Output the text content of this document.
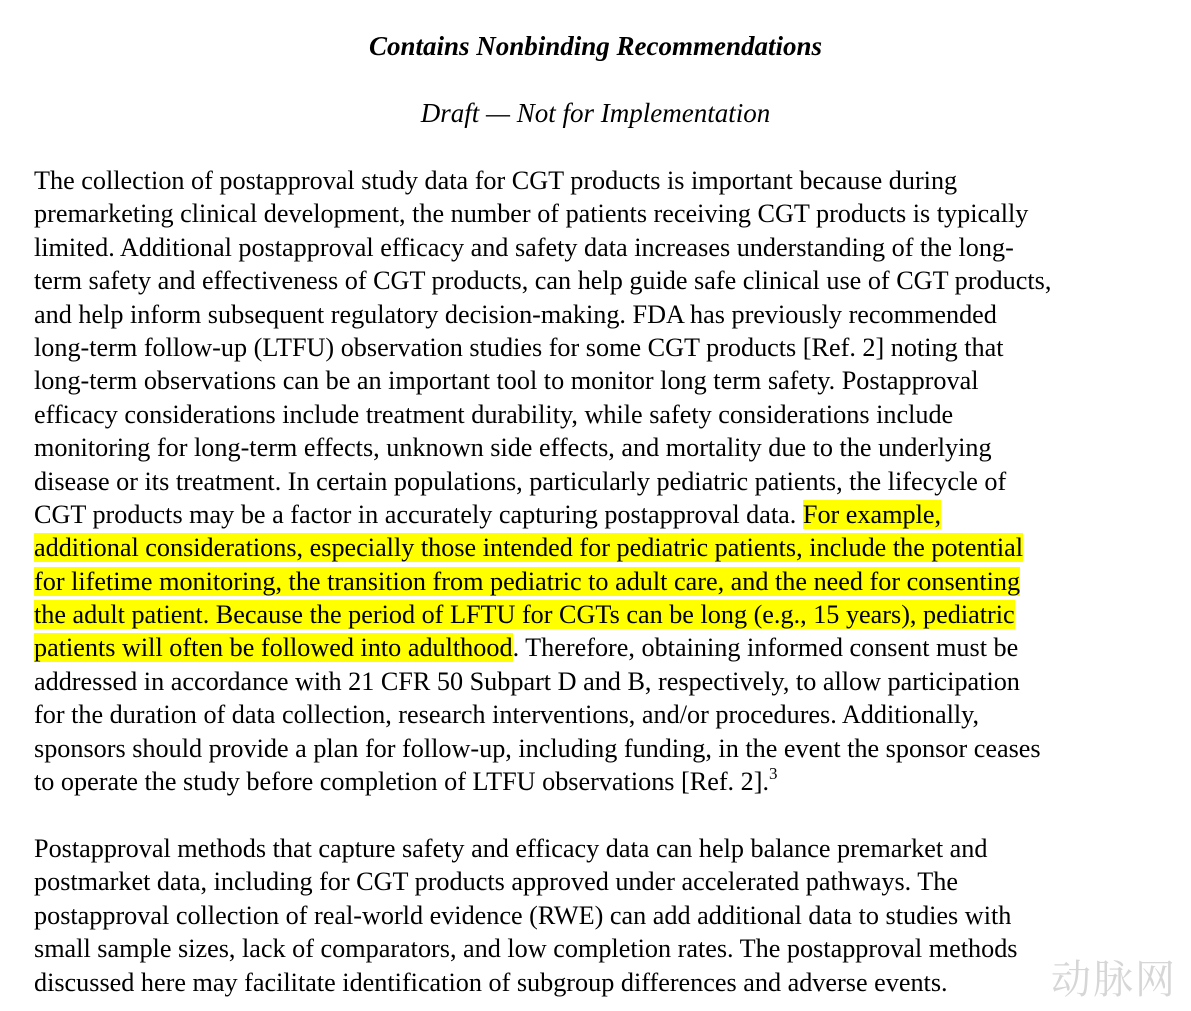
Contains Nonbinding Recommendations
Draft — Not for Implementation
The collection of postapproval study data for CGT products is important because during
premarketing clinical development, the number of patients receiving CGT products is typically
limited. Additional postapproval efficacy and safety data increases understanding of the long-
term safety and effectiveness of CGT products, can help guide safe clinical use of CGT products,
and help inform subsequent regulatory decision-making. FDA has previously recommended
long-term follow-up (LTFU) observation studies for some CGT products [Ref. 2] noting that
long-term observations can be an important tool to monitor long term safety. Postapproval
efficacy considerations include treatment durability, while safety considerations include
monitoring for long-term effects, unknown side effects, and mortality due to the underlying
disease or its treatment. In certain populations, particularly pediatric patients, the lifecycle of
CGT products may be a factor in accurately capturing postapproval data. For example,
additional considerations, especially those intended for pediatric patients, include the potential
for lifetime monitoring, the transition from pediatric to adult care, and the need for consenting
the adult patient. Because the period of LFTU for CGTs can be long (e.g., 15 years), pediatric
patients will often be followed into adulthood. Therefore, obtaining informed consent must be
addressed in accordance with 21 CFR 50 Subpart D and B, respectively, to allow participation
for the duration of data collection, research interventions, and/or procedures. Additionally,
sponsors should provide a plan for follow-up, including funding, in the event the sponsor ceases
to operate the study before completion of LTFU observations [Ref. 2].$^3$
Postapproval methods that capture safety and efficacy data can help balance premarket and
postmarket data, including for CGT products approved under accelerated pathways. The
postapproval collection of real-world evidence (RWE) can add additional data to studies with
small sample sizes, lack of comparators, and low completion rates. The postapproval methods
discussed here may facilitate identification of subgroup differences and adverse events.	动脉网
